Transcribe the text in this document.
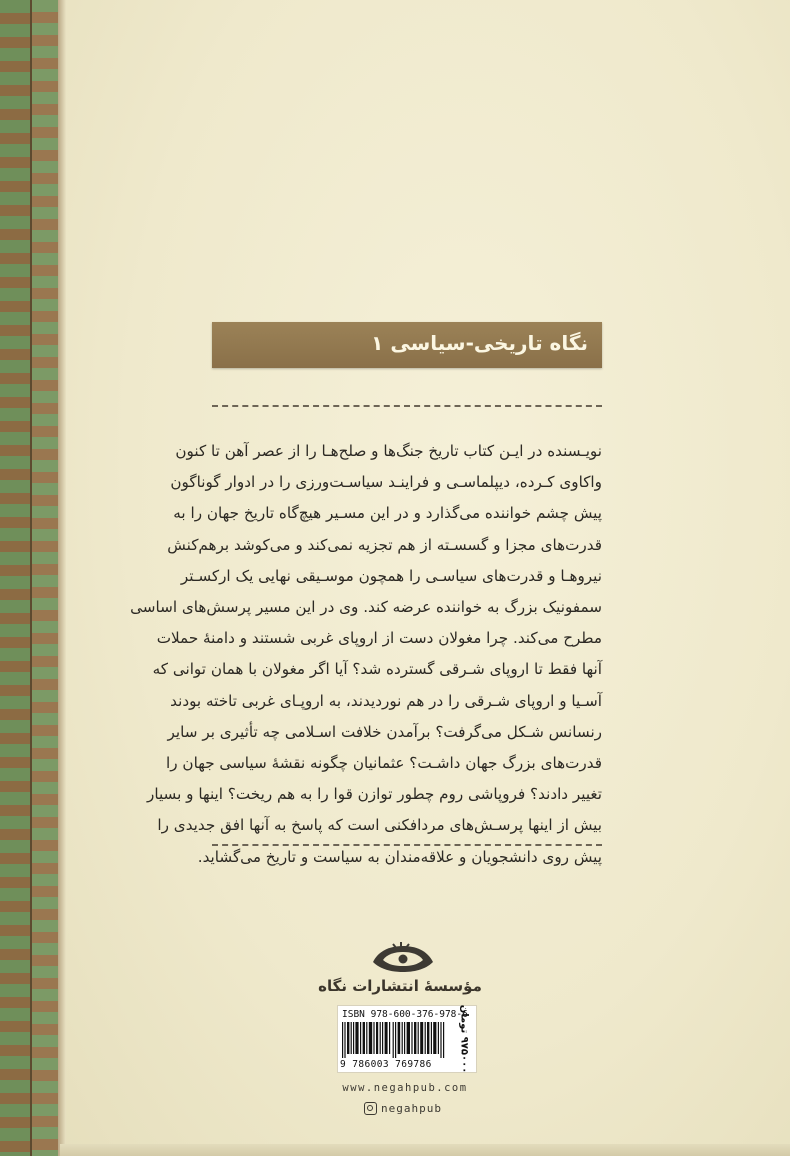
نگاه تاریخی-سیاسی ۱

نویـسنده در ایـن کتاب تاریخ جنگ‌ها و صلح‌هـا را از عصر آهن تا کنون

واکاوی کـرده، دیپلماسـی و فراینـد سیاسـت‌ورزی را در ادوار گوناگون

پیش چشم خواننده می‌گذارد و در این مسـیر هیچ‌گاه تاریخ جهان را به

قدرت‌های مجزا و گسسـته از هم تجزیه نمی‌کند و می‌کوشد برهم‌کنش

نیروهـا و قدرت‌های سیاسـی را همچون موسـیقی نهایی یک ارکسـتر

سمفونیک بزرگ به خواننده عرضه کند. وی در این مسیر پرسش‌های اساسی

مطرح می‌کند. چرا مغولان دست از اروپای غربی شستند و دامنهٔ حملات

آنها فقط تا اروپای شـرقی گسترده شد؟ آیا اگر مغولان با همان توانی که

آسـیا و اروپای شـرقی را در هم نوردیدند، به اروپـای غربی تاخته بودند

رنسانس شـکل می‌گرفت؟ برآمدن خلافت اسـلامی چه تأثیری بر سایر

قدرت‌های بزرگ جهان داشـت؟ عثمانیان چگونه نقشهٔ سیاسی جهان را

تغییر دادند؟ فروپاشی روم چطور توازن قوا را به هم ریخت؟ اینها و بسیار

بیش از اینها پرسـش‌های مردافکنی است که پاسخ به آنها افق جدیدی را

پیش روی دانشجویان و علاقه‌مندان به سیاست و تاریخ می‌گشاید.

مؤسسهٔ انتشارات نگاه
ISBN 978-600-376-978-6
9 786003 769786
۹۷۵۰۰۰ تومان
www.negahpub.com
negahpub
